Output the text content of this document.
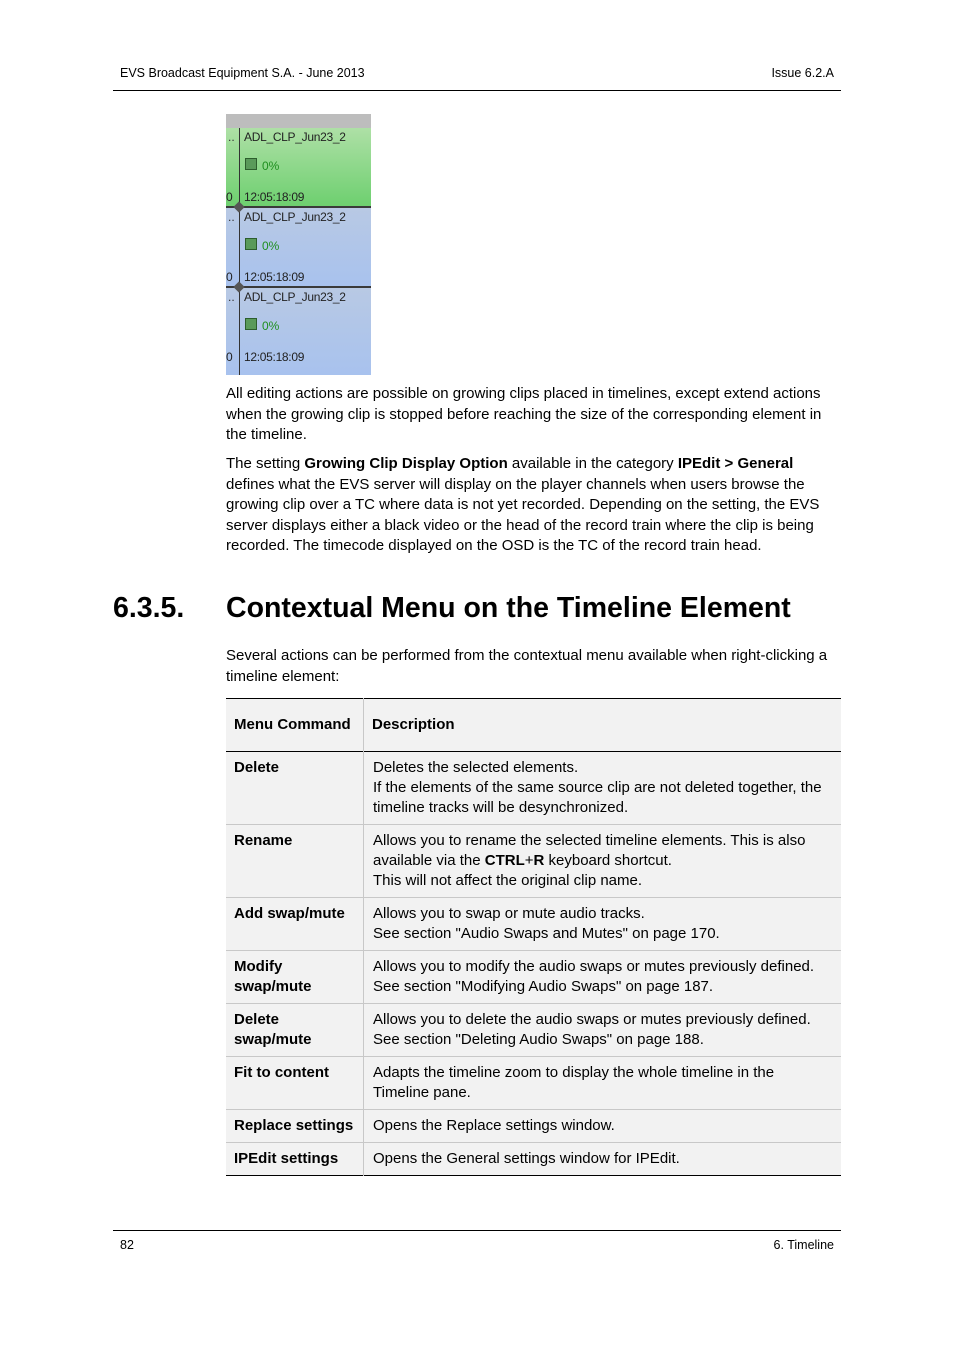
EVS Broadcast Equipment S.A. - June 2013	Issue 6.2.A
.. ADL_CLP_Jun23_2
0%
0 12:05:18:09
.. ADL_CLP_Jun23_2
0%
0 12:05:18:09
.. ADL_CLP_Jun23_2
0%
0 12:05:18:09
All editing actions are possible on growing clips placed in timelines, except extend actions when the growing clip is stopped before reaching the size of the corresponding element in the timeline.
The setting Growing Clip Display Option available in the category IPEdit > General defines what the EVS server will display on the player channels when users browse the growing clip over a TC where data is not yet recorded. Depending on the setting, the EVS server displays either a black video or the head of the record train where the clip is being recorded. The timecode displayed on the OSD is the TC of the record train head.
6.3.5. Contextual Menu on the Timeline Element
Several actions can be performed from the contextual menu available when right-clicking a timeline element:
Menu Command	Description
Delete	Deletes the selected elements.
If the elements of the same source clip are not deleted together, the timeline tracks will be desynchronized.

Rename	Allows you to rename the selected timeline elements. This is also available via the CTRL+R keyboard shortcut.
This will not affect the original clip name.

Add swap/mute	Allows you to swap or mute audio tracks.
See section "Audio Swaps and Mutes" on page 170.

Modify swap/mute	Allows you to modify the audio swaps or mutes previously defined.
See section "Modifying Audio Swaps" on page 187.

Delete swap/mute	Allows you to delete the audio swaps or mutes previously defined.
See section "Deleting Audio Swaps" on page 188.

Fit to content	Adapts the timeline zoom to display the whole timeline in the Timeline pane.

Replace settings	Opens the Replace settings window.

IPEdit settings	Opens the General settings window for IPEdit.
82	6. Timeline
